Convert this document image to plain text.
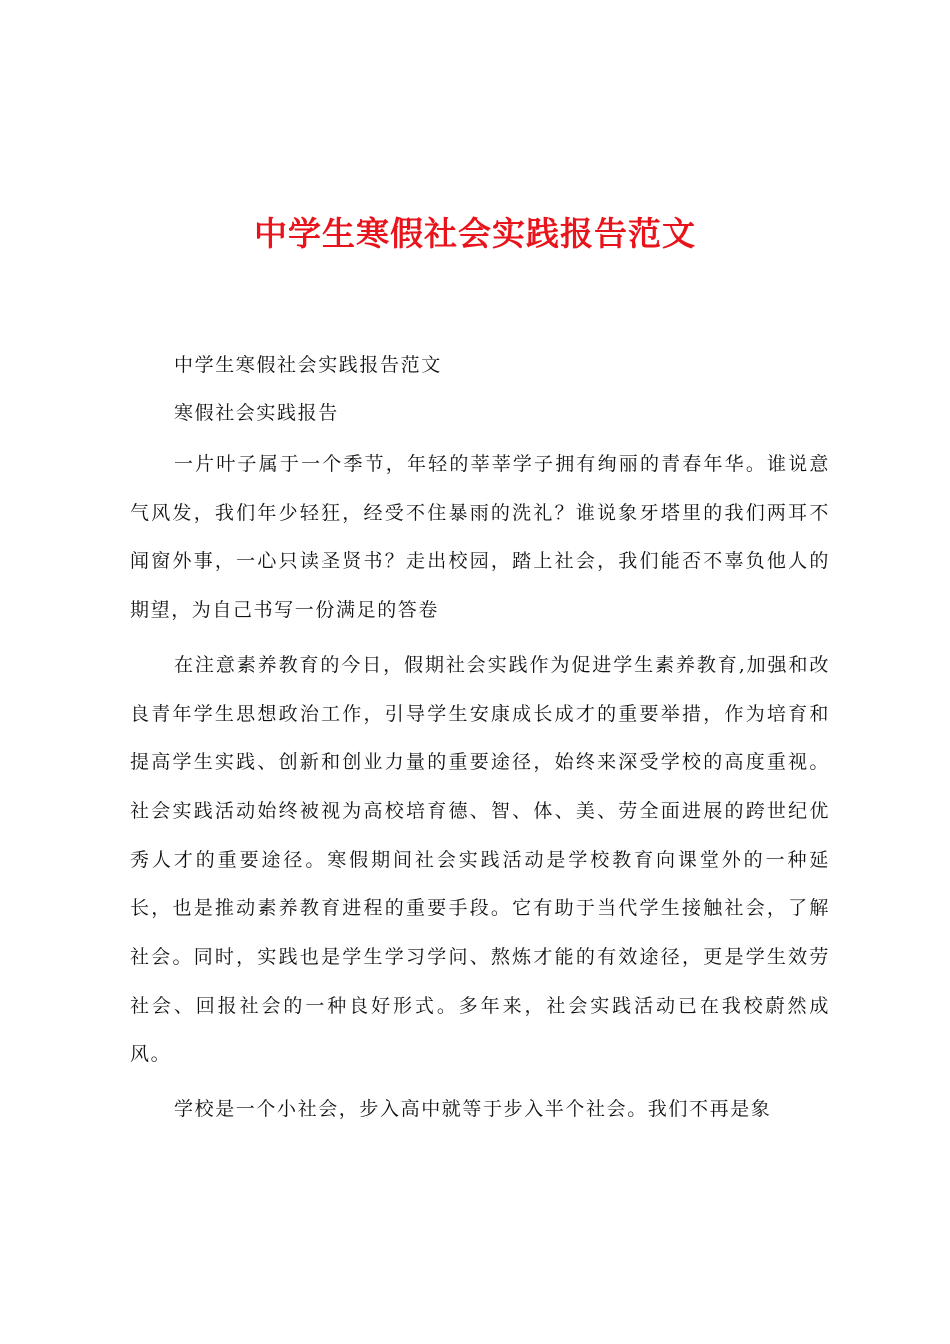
中学生寒假社会实践报告范文

中学生寒假社会实践报告范文

寒假社会实践报告

一片叶子属于一个季节，年轻的莘莘学子拥有绚丽的青春年华。谁说意气风发，我们年少轻狂，经受不住暴雨的洗礼？谁说象牙塔里的我们两耳不闻窗外事，一心只读圣贤书？走出校园，踏上社会，我们能否不辜负他人的期望，为自己书写一份满足的答卷

在注意素养教育的今日，假期社会实践作为促进学生素养教育,加强和改良青年学生思想政治工作，引导学生安康成长成才的重要举措，作为培育和提高学生实践、创新和创业力量的重要途径，始终来深受学校的高度重视。社会实践活动始终被视为高校培育德、智、体、美、劳全面进展的跨世纪优秀人才的重要途径。寒假期间社会实践活动是学校教育向课堂外的一种延长，也是推动素养教育进程的重要手段。它有助于当代学生接触社会，了解社会。同时，实践也是学生学习学问、熬炼才能的有效途径，更是学生效劳社会、回报社会的一种良好形式。多年来，社会实践活动已在我校蔚然成风。

学校是一个小社会，步入高中就等于步入半个社会。我们不再是象
